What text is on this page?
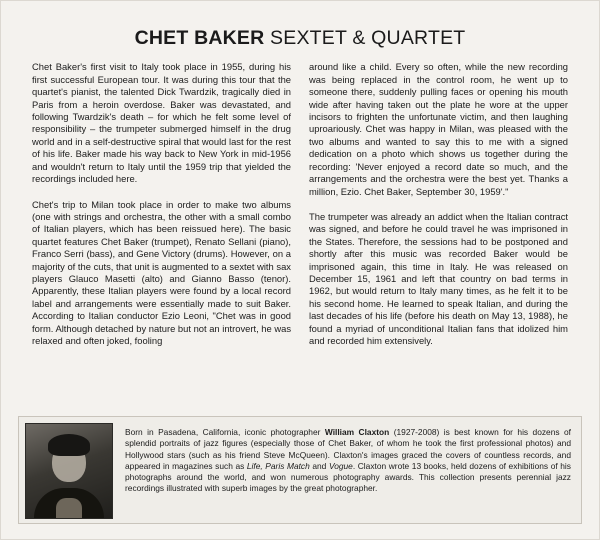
CHET BAKER SEXTET & QUARTET

Chet Baker's first visit to Italy took place in 1955, during his first successful European tour. It was during this tour that the quartet's pianist, the talented Dick Twardzik, tragically died in Paris from a heroin overdose. Baker was devastated, and following Twardzik's death – for which he felt some level of responsibility – the trumpeter submerged himself in the drug world and in a self-destructive spiral that would last for the rest of his life. Baker made his way back to New York in mid-1956 and wouldn't return to Italy until the 1959 trip that yielded the recordings included here.

Chet's trip to Milan took place in order to make two albums (one with strings and orchestra, the other with a small combo of Italian players, which has been reissued here). The basic quartet features Chet Baker (trumpet), Renato Sellani (piano), Franco Serri (bass), and Gene Victory (drums). However, on a majority of the cuts, that unit is augmented to a sextet with sax players Glauco Masetti (alto) and Gianno Basso (tenor). Apparently, these Italian players were found by a local record label and arrangements were essentially made to suit Baker. According to Italian conductor Ezio Leoni, "Chet was in good form. Although detached by nature but not an introvert, he was relaxed and often joked, fooling

around like a child. Every so often, while the new recording was being replaced in the control room, he went up to someone there, suddenly pulling faces or opening his mouth wide after having taken out the plate he wore at the upper incisors to frighten the unfortunate victim, and then laughing uproariously. Chet was happy in Milan, was pleased with the two albums and wanted to say this to me with a signed dedication on a photo which shows us together during the recording: 'Never enjoyed a record date so much, and the arrangements and the orchestra were the best yet. Thanks a million, Ezio. Chet Baker, September 30, 1959'."

The trumpeter was already an addict when the Italian contract was signed, and before he could travel he was imprisoned in the States. Therefore, the sessions had to be postponed and shortly after this music was recorded Baker would be imprisoned again, this time in Italy. He was released on December 15, 1961 and left that country on bad terms in 1962, but would return to Italy many times, as he felt it to be his second home. He learned to speak Italian, and during the last decades of his life (before his death on May 13, 1988), he found a myriad of unconditional Italian fans that idolized him and recorded him extensively.

Born in Pasadena, California, iconic photographer William Claxton (1927-2008) is best known for his dozens of splendid portraits of jazz figures (especially those of Chet Baker, of whom he took the first professional photos) and Hollywood stars (such as his friend Steve McQueen). Claxton's images graced the covers of countless records, and appeared in magazines such as Life, Paris Match and Vogue. Claxton wrote 13 books, held dozens of exhibitions of his photographs around the world, and won numerous photography awards. This collection presents perennial jazz recordings illustrated with superb images by the great photographer.
